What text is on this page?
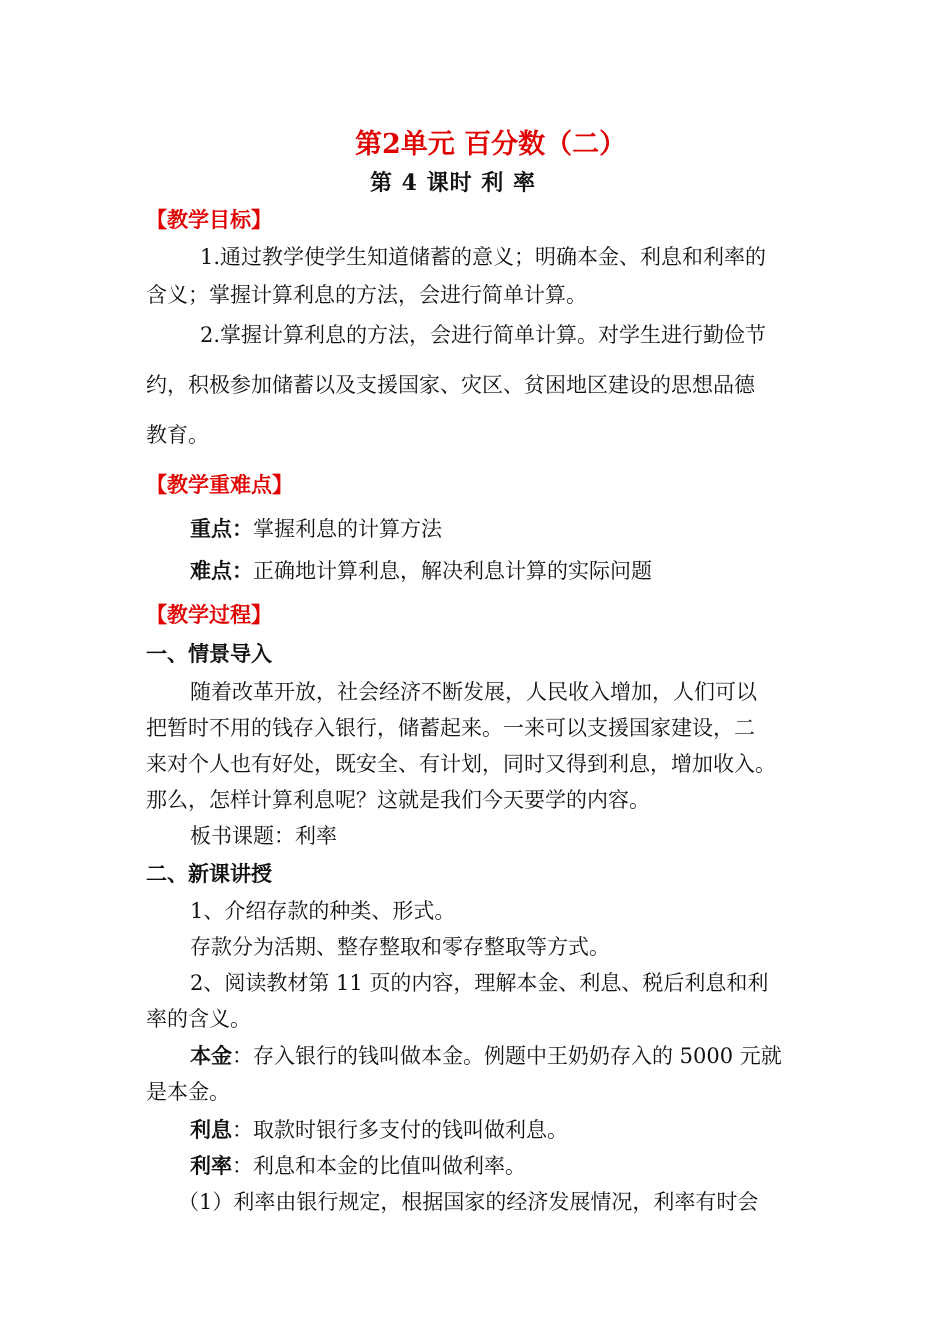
第2单元 百分数（二）
第 4 课时 利 率
【教学目标】
1.通过教学使学生知道储蓄的意义；明确本金、利息和利率的
含义；掌握计算利息的方法，会进行简单计算。
2.掌握计算利息的方法，会进行简单计算。对学生进行勤俭节
约，积极参加储蓄以及支援国家、灾区、贫困地区建设的思想品德
教育。
【教学重难点】
重点：掌握利息的计算方法
难点：正确地计算利息，解决利息计算的实际问题
【教学过程】
一、情景导入
随着改革开放，社会经济不断发展，人民收入增加，人们可以
把暂时不用的钱存入银行，储蓄起来。一来可以支援国家建设，二
来对个人也有好处，既安全、有计划，同时又得到利息，增加收入。
那么，怎样计算利息呢？这就是我们今天要学的内容。
板书课题：利率
二、新课讲授
1、介绍存款的种类、形式。
存款分为活期、整存整取和零存整取等方式。
2、阅读教材第 11 页的内容，理解本金、利息、税后利息和利
率的含义。
本金：存入银行的钱叫做本金。例题中王奶奶存入的 5000 元就
是本金。
利息：取款时银行多支付的钱叫做利息。
利率：利息和本金的比值叫做利率。
（1）利率由银行规定，根据国家的经济发展情况，利率有时会
